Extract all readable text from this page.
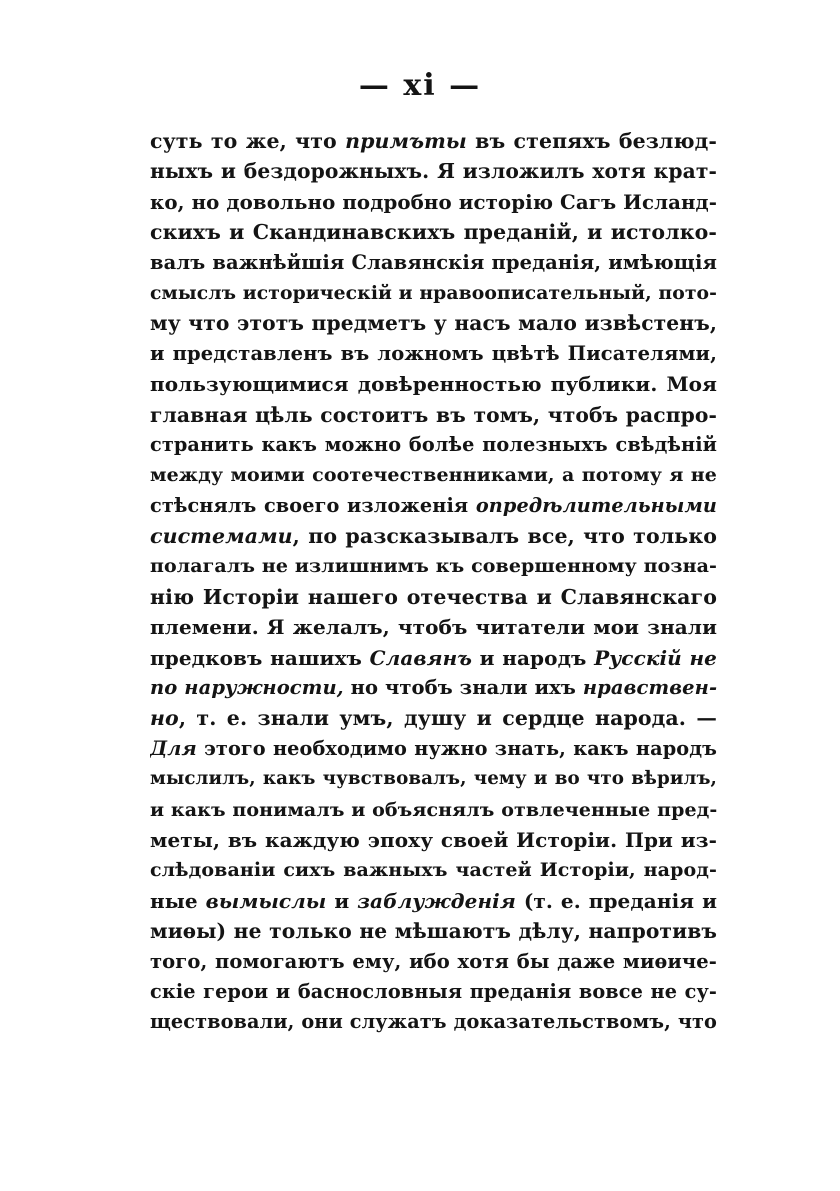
— xi —
суть то же, что примъты въ степяхъ безлюд-
ныхъ и бездорожныхъ. Я изложилъ хотя крат-
ко, но довольно подробно исторію Сагъ Исланд-
скихъ и Скандинавскихъ преданій, и истолко-
валъ важнѣйшія Славянскія преданія, имѣющія
смыслъ историческій и нравоописательный, пото-
му что этотъ предметъ у насъ мало извѣстенъ,
и представленъ въ ложномъ цвѣтѣ Писателями,
пользующимися довѣренностью публики. Моя
главная цѣль состоитъ въ томъ, чтобъ распро-
странить какъ можно болѣе полезныхъ свѣдѣній
между моими соотечественниками, а потому я не
стѣснялъ своего изложенія опредѣлительными
системами, по разсказывалъ все, что только
полагалъ не излишнимъ къ совершенному позна-
нію Исторіи нашего отечества и Славянскаго
племени. Я желалъ, чтобъ читатели мои знали
предковъ нашихъ Славянъ и народъ Русскій не
по наружности, но чтобъ знали ихъ нравствен-
но, т. е. знали умъ, душу и сердце народа. —
Для этого необходимо нужно знать, какъ народъ
мыслилъ, какъ чувствовалъ, чему и во что вѣрилъ,
и какъ понималъ и объяснялъ отвлеченные пред-
меты, въ каждую эпоху своей Исторіи. При из-
слѣдованіи сихъ важныхъ частей Исторіи, народ-
ные вымыслы и заблужденія (т. е. преданія и
миѳы) не только не мѣшаютъ дѣлу, напротивъ
того, помогаютъ ему, ибо хотя бы даже миѳиче-
скіе герои и баснословныя преданія вовсе не су-
ществовали, они служатъ доказательствомъ, что
